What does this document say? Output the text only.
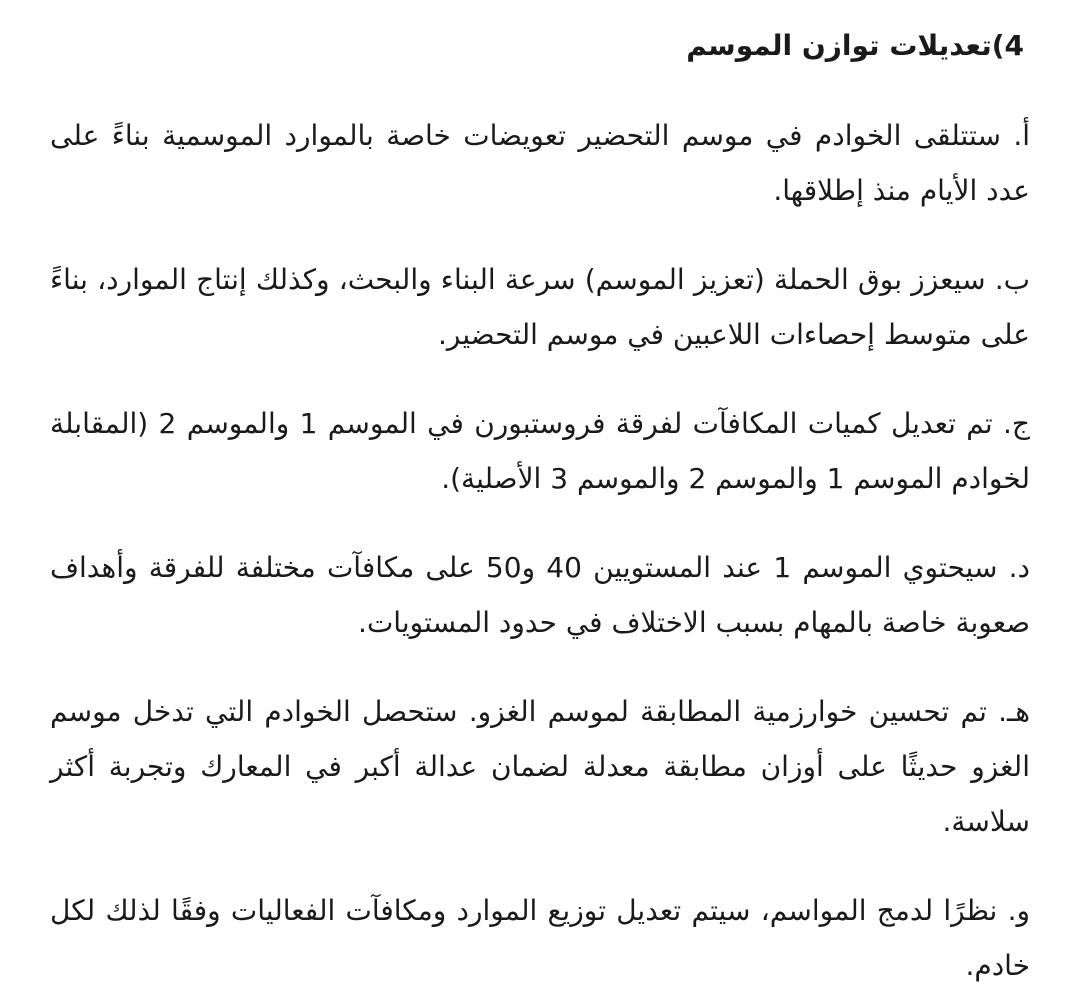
4)تعديلات توازن الموسم

أ. ستتلقى الخوادم في موسم التحضير تعويضات خاصة بالموارد الموسمية بناءً على عدد الأيام منذ إطلاقها.

ب. سيعزز بوق الحملة (تعزيز الموسم) سرعة البناء والبحث، وكذلك إنتاج الموارد، بناءً على متوسط إحصاءات اللاعبين في موسم التحضير.

ج. تم تعديل كميات المكافآت لفرقة فروستبورن في الموسم 1 والموسم 2 (المقابلة لخوادم الموسم 1 والموسم 2 والموسم 3 الأصلية).

د. سيحتوي الموسم 1 عند المستويين 40 و50 على مكافآت مختلفة للفرقة وأهداف صعوبة خاصة بالمهام بسبب الاختلاف في حدود المستويات.

هـ. تم تحسين خوارزمية المطابقة لموسم الغزو. ستحصل الخوادم التي تدخل موسم الغزو حديثًا على أوزان مطابقة معدلة لضمان عدالة أكبر في المعارك وتجربة أكثر سلاسة.

و. نظرًا لدمج المواسم، سيتم تعديل توزيع الموارد ومكافآت الفعاليات وفقًا لذلك لكل خادم.
